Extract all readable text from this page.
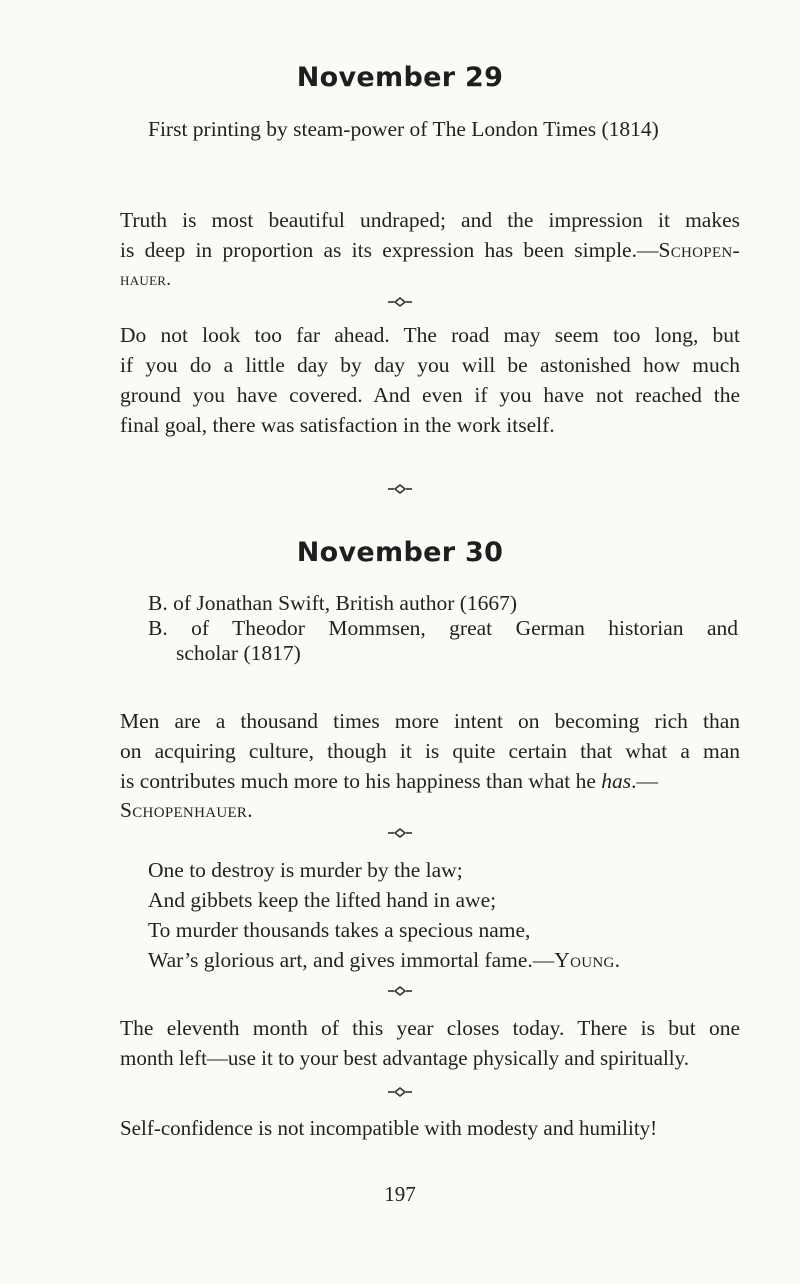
November 29
First printing by steam-power of The London Times (1814)
Truth is most beautiful undraped; and the impression it makes
is deep in proportion as its expression has been simple.—Schopen-
hauer.
Do not look too far ahead. The road may seem too long, but
if you do a little day by day you will be astonished how much
ground you have covered. And even if you have not reached the
final goal, there was satisfaction in the work itself.
November 30
B. of Jonathan Swift, British author (1667)
B. of Theodor Mommsen, great German historian and
scholar (1817)
Men are a thousand times more intent on becoming rich than
on acquiring culture, though it is quite certain that what a man
is contributes much more to his happiness than what he has.—
Schopenhauer.
One to destroy is murder by the law;
And gibbets keep the lifted hand in awe;
To murder thousands takes a specious name,
War’s glorious art, and gives immortal fame.—Young.
The eleventh month of this year closes today. There is but one
month left—use it to your best advantage physically and spiritually.
Self-confidence is not incompatible with modesty and humility!
197
